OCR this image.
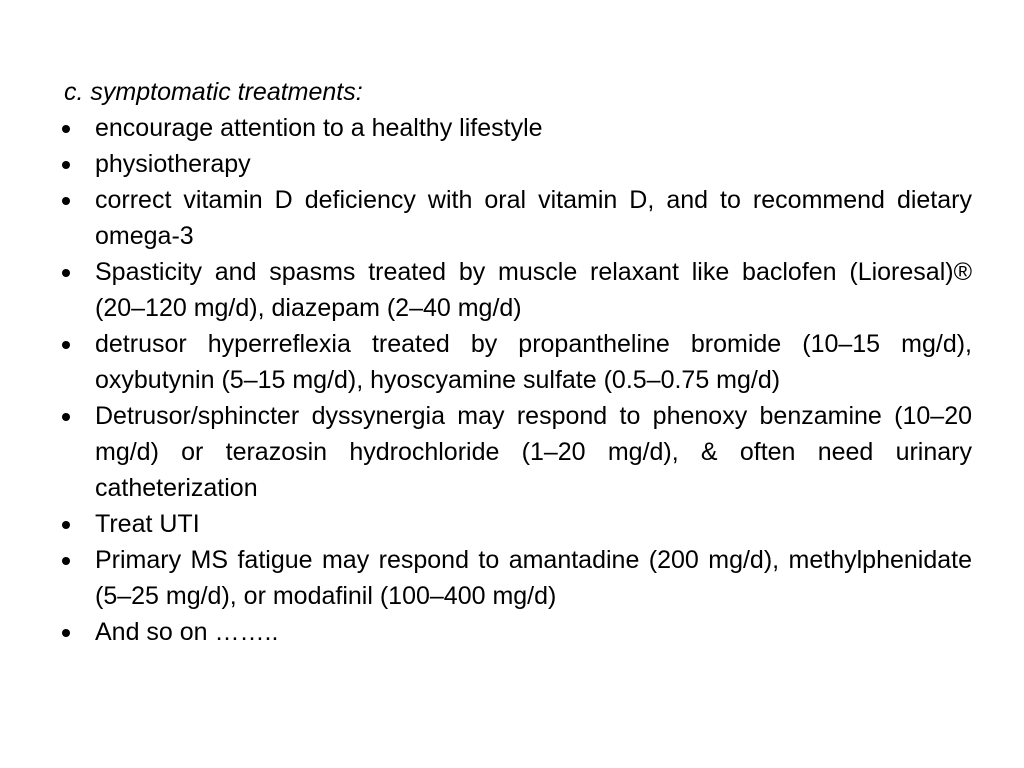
c. symptomatic treatments:

encourage attention to a healthy lifestyle
physiotherapy
correct vitamin D deficiency with oral vitamin D, and to recommend dietary omega-3
Spasticity and spasms treated by muscle relaxant like baclofen (Lioresal)® (20–120 mg/d), diazepam (2–40 mg/d)
detrusor hyperreflexia treated by propantheline bromide (10–15 mg/d), oxybutynin (5–15 mg/d), hyoscyamine sulfate (0.5–0.75 mg/d)
Detrusor/sphincter dyssynergia may respond to phenoxy benzamine (10–20 mg/d) or terazosin hydrochloride (1–20 mg/d), & often need urinary catheterization
Treat UTI
Primary MS fatigue may respond to amantadine (200 mg/d), methylphenidate (5–25 mg/d), or modafinil (100–400 mg/d)
And so on ……..
